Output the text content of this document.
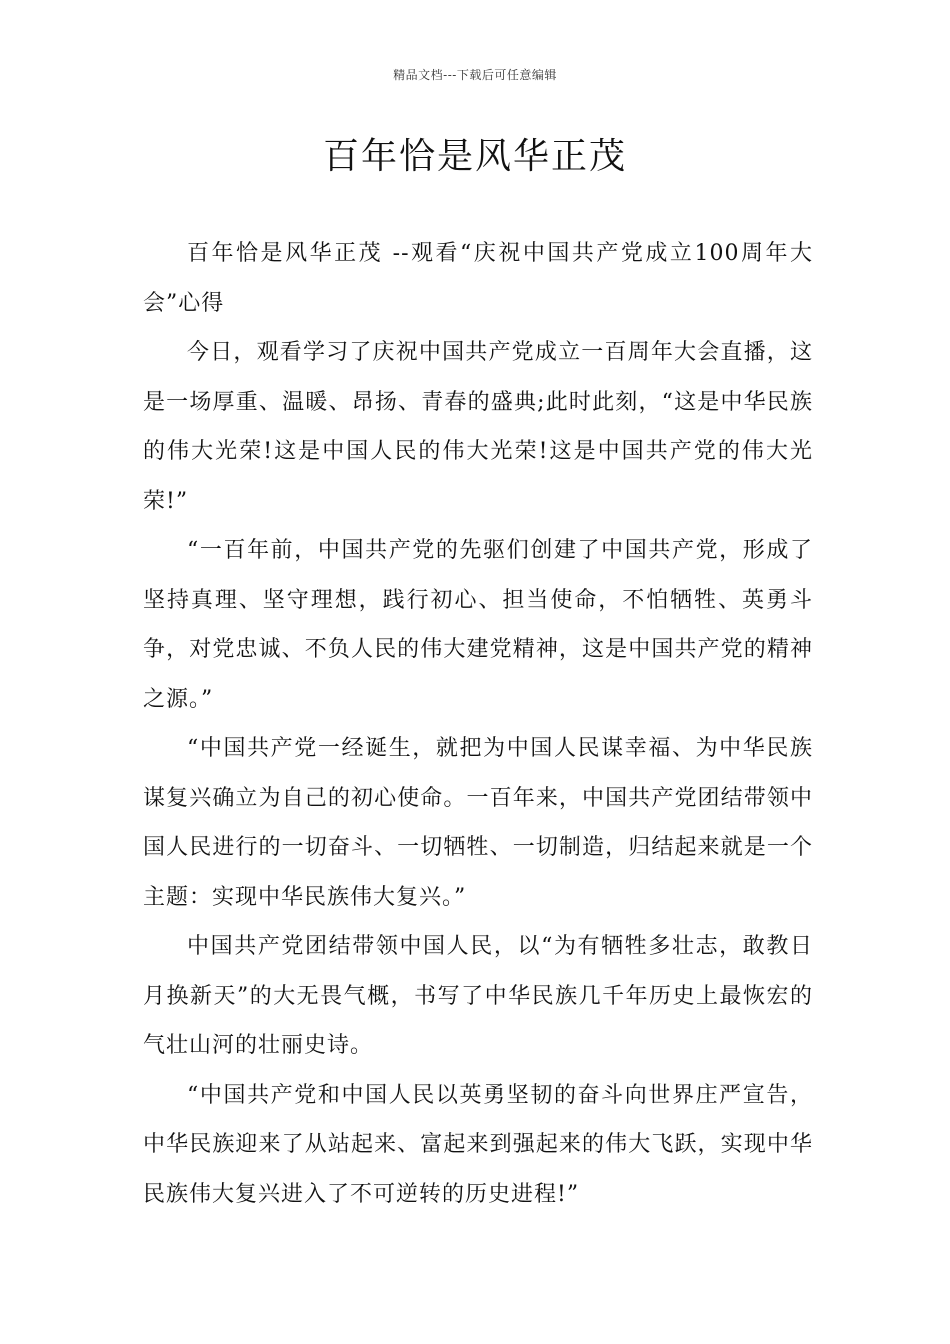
精品文档---下载后可任意编辑
百年恰是风华正茂

百年恰是风华正茂 --观看“庆祝中国共产党成立100周年大会”心得

今日，观看学习了庆祝中国共产党成立一百周年大会直播，这是一场厚重、温暖、昂扬、青春的盛典;此时此刻，“这是中华民族的伟大光荣!这是中国人民的伟大光荣!这是中国共产党的伟大光荣!”

“一百年前，中国共产党的先驱们创建了中国共产党，形成了坚持真理、坚守理想，践行初心、担当使命，不怕牺牲、英勇斗争，对党忠诚、不负人民的伟大建党精神，这是中国共产党的精神之源。”

“中国共产党一经诞生，就把为中国人民谋幸福、为中华民族谋复兴确立为自己的初心使命。一百年来，中国共产党团结带领中国人民进行的一切奋斗、一切牺牲、一切制造，归结起来就是一个主题：实现中华民族伟大复兴。”

中国共产党团结带领中国人民，以“为有牺牲多壮志，敢教日月换新天”的大无畏气概，书写了中华民族几千年历史上最恢宏的气壮山河的壮丽史诗。

“中国共产党和中国人民以英勇坚韧的奋斗向世界庄严宣告，中华民族迎来了从站起来、富起来到强起来的伟大飞跃，实现中华民族伟大复兴进入了不可逆转的历史进程!”
